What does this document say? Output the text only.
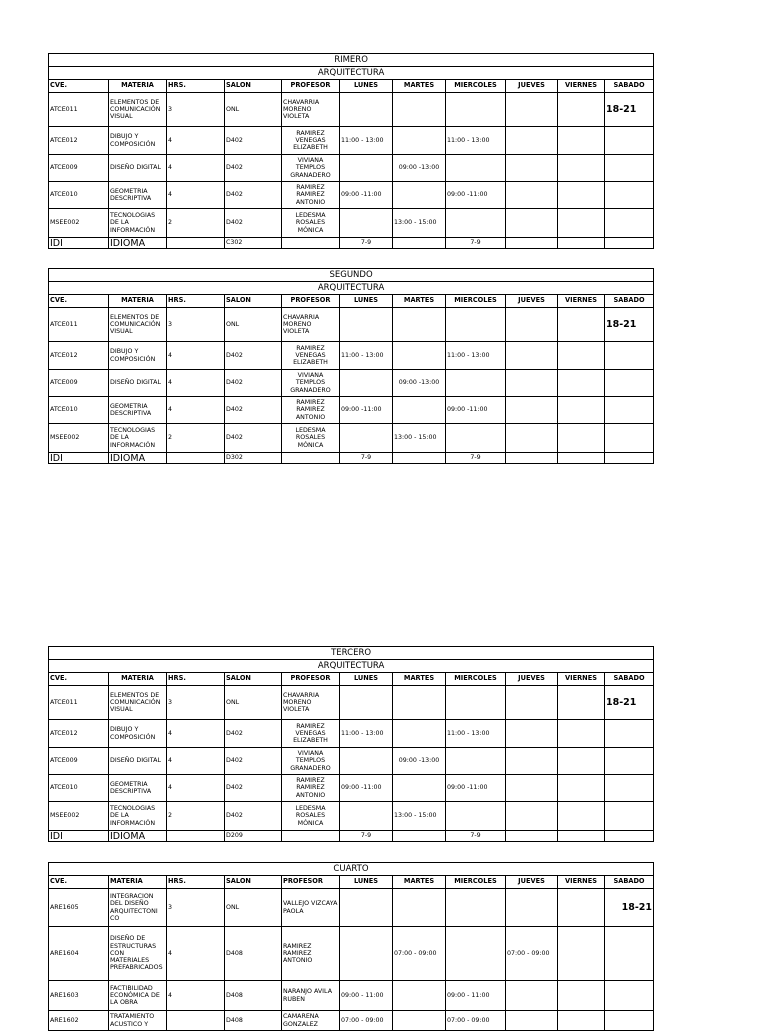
RIMERO										
ARQUITECTURA										
CVE.	MATERIA	HRS.	SALON	PROFESOR	LUNES	MARTES	MIERCOLES	JUEVES	VIERNES	SABADO
ATCE011	ELEMENTOS DE COMUNICACIÓN VISUAL	3	ONL	CHAVARRIA MORENO VIOLETA						18-21
ATCE012	DIBUJO Y COMPOSICIÓN	4	D402	RAMIREZ VENEGAS ELIZABETH	11:00 - 13:00		11:00 - 13:00			
ATCE009	DISEÑO DIGITAL	4	D402	VIVIANA TEMPLOS GRANADERO		09:00 -13:00				
ATCE010	GEOMETRIA DESCRIPTIVA	4	D402	RAMIREZ RAMIREZ ANTONIO	09:00 -11:00		09:00 -11:00			
MSEE002	TECNOLOGIAS DE LA INFORMACIÓN	2	D402	LEDESMA ROSALES MÓNICA		13:00 - 15:00				
IDI	IDIOMA		C302		7-9		7-9			
SEGUNDO										
ARQUITECTURA										
CVE.	MATERIA	HRS.	SALON	PROFESOR	LUNES	MARTES	MIERCOLES	JUEVES	VIERNES	SABADO
ATCE011	ELEMENTOS DE COMUNICACIÓN VISUAL	3	ONL	CHAVARRIA MORENO VIOLETA						18-21
ATCE012	DIBUJO Y COMPOSICIÓN	4	D402	RAMIREZ VENEGAS ELIZABETH	11:00 - 13:00		11:00 - 13:00			
ATCE009	DISEÑO DIGITAL	4	D402	VIVIANA TEMPLOS GRANADERO		09:00 -13:00				
ATCE010	GEOMETRIA DESCRIPTIVA	4	D402	RAMIREZ RAMIREZ ANTONIO	09:00 -11:00		09:00 -11:00			
MSEE002	TECNOLOGIAS DE LA INFORMACIÓN	2	D402	LEDESMA ROSALES MÓNICA		13:00 - 15:00				
IDI	IDIOMA		D302		7-9		7-9			
TERCERO										
ARQUITECTURA										
CVE.	MATERIA	HRS.	SALON	PROFESOR	LUNES	MARTES	MIERCOLES	JUEVES	VIERNES	SABADO
ATCE011	ELEMENTOS DE COMUNICACIÓN VISUAL	3	ONL	CHAVARRIA MORENO VIOLETA						18-21
ATCE012	DIBUJO Y COMPOSICIÓN	4	D402	RAMIREZ VENEGAS ELIZABETH	11:00 - 13:00		11:00 - 13:00			
ATCE009	DISEÑO DIGITAL	4	D402	VIVIANA TEMPLOS GRANADERO		09:00 -13:00				
ATCE010	GEOMETRIA DESCRIPTIVA	4	D402	RAMIREZ RAMIREZ ANTONIO	09:00 -11:00		09:00 -11:00			
MSEE002	TECNOLOGIAS DE LA INFORMACIÓN	2	D402	LEDESMA ROSALES MÓNICA		13:00 - 15:00				
IDI	IDIOMA		D209		7-9		7-9			
CUARTO										
CVE.	MATERIA	HRS.	SALON	PROFESOR	LUNES	MARTES	MIERCOLES	JUEVES	VIERNES	SABADO
ARE1605	INTEGRACION DEL DISEÑO ARQUITECTONI CO	3	ONL	VALLEJO VIZCAYA PAOLA						18-21
ARE1604	DISEÑO DE ESTRUCTURAS CON MATERIALES PREFABRICADOS	4	D408	RAMIREZ RAMIREZ ANTONIO		07:00 - 09:00		07:00 - 09:00		
ARE1603	FACTIBILIDAD ECONÓMICA DE LA OBRA	4	D408	NARANJO AVILA RUBEN	09:00 - 11:00		09:00 - 11:00			
ARE1602	TRATAMIENTO ACUSTICO Y		D408	CAMARENA GONZALEZ	07:00 - 09:00		07:00 - 09:00			
